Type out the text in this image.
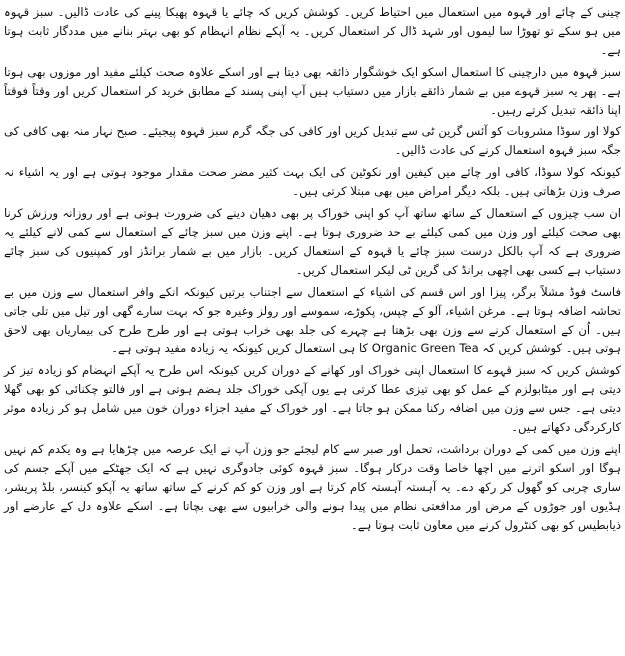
چینی کے چائے اور قہوہ میں استعمال میں احتیاط کریں۔ کوشش کریں کہ چائے یا قہوہ پھیکا پینے کی عادت ڈالیں۔ سبز قہوہ میں ہو سکے تو تھوڑا سا لیموں اور شہد ڈال کر استعمال کریں۔ یہ آپکے نظام انہظام کو بھی بہتر بنانے میں مددگار ثابت ہوتا ہے۔

سبز قہوہ میں دارچینی کا استعمال اسکو ایک خوشگوار ذائقہ بھی دیتا ہے اور اسکے علاوہ صحت کیلئے مفید اور موزوں بھی ہوتا ہے۔ پھر یہ سبز قہوے میں بے شمار ذائقے بازار میں دستیاب ہیں آپ اپنی پسند کے مطابق خرید کر استعمال کریں اور وقتاً فوقتاً اپنا ذائقہ تبدیل کرتے رہیں۔

کولا اور سوڈا مشروبات کو آئس گرین ٹی سے تبدیل کریں اور کافی کی جگہ گرم سبز قہوہ پیجیئے۔ صبح نہار منہ بھی کافی کی جگہ سبز قہوہ استعمال کرنے کی عادت ڈالیں۔

کیونکہ کولا سوڈا، کافی اور چائے میں کیفین اور نکوٹین کی ایک بہت کثیر مضر صحت مقدار موجود ہوتی ہے اور یہ اشیاء نہ صرف وزن بڑھاتی ہیں۔ بلکہ دیگر امراض میں بھی مبتلا کرتی ہیں۔

ان سب چیزوں کے استعمال کے ساتھ ساتھ آپ کو اپنی خوراک پر بھی دھیان دینے کی ضرورت ہوتی ہے اور روزانہ ورزش کرنا بھی صحت کیلئے اور وزن میں کمی کیلئے بے حد ضروری ہوتا ہے۔ اپنے وزن میں سبز چائے کے استعمال سے کمی لانے کیلئے یہ ضروری ہے کہ آپ بالکل درست سبز چائے یا قہوہ کے استعمال کریں۔ بازار میں بے شمار برانڈز اور کمپنیوں کی سبز چائے دستیاب ہے کسی بھی اچھی برانڈ کی گرین ٹی لیکر استعمال کریں۔

فاسٹ فوڈ مشلاً برگر، پیزا اور اس قسم کی اشیاء کے استعمال سے اجتناب برتیں کیونکہ انکے وافر استعمال سے وزن میں بے تحاشہ اضافہ ہوتا ہے۔ مرغن اشیاء، آلو کے چپس، پکوڑے، سموسے اور رولز وغیرہ جو کہ بہت سارے گھی اور تیل میں تلی جاتی ہیں۔ اُن کے استعمال کرنے سے وزن بھی بڑھتا ہے چہرے کی جلد بھی خراب ہوتی ہے اور طرح طرح کی بیماریاں بھی لاحق ہوتی ہیں۔ کوشش کریں کہ Organic Green Tea کا ہی استعمال کریں کیونکہ یہ زیادہ مفید ہوتی ہے۔

کوشش کریں کہ سبز قہوے کا استعمال اپنی خوراک اور کھانے کے دوران کریں کیونکہ اس طرح یہ آپکے انہضام کو زیادہ تیز کر دیتی ہے اور میٹابولزم کے عمل کو بھی تیزی عطا کرتی ہے یوں آپکی خوراک جلد ہضم ہوتی ہے اور فالتو چکنائی کو بھی گھلا دیتی ہے۔ جس سے وزن میں اضافہ رکنا ممکن ہو جاتا ہے۔ اور خوراک کے مفید اجزاء دوران خون میں شامل ہو کر زیادہ موثر کارکردگی دکھاتے ہیں۔

اپنے وزن میں کمی کے دوران برداشت، تحمل اور صبر سے کام لیجئے جو وزن آپ نے ایک عرصہ میں چڑھایا ہے وہ یکدم کم نہیں ہوگا اور اسکو اترنے میں اچھا خاصا وقت درکار ہوگا۔ سبز قہوہ کوئی جادوگری نہیں ہے کہ ایک جھٹکے میں آپکے جسم کی ساری چربی کو گھول کر رکھ دے۔ یہ آہستہ آہستہ کام کرتا ہے اور وزن کو کم کرنے کے ساتھ ساتھ یہ آپکو کینسر، بلڈ پریشر، ہڈیوں اور جوڑوں کے مرض اور مدافعتی نظام میں پیدا ہونے والی خرابیوں سے بھی بچاتا ہے۔ اسکے علاوہ دل کے عارضے اور ذیابطیس کو بھی کنٹرول کرنے میں معاون ثابت ہوتا ہے۔
